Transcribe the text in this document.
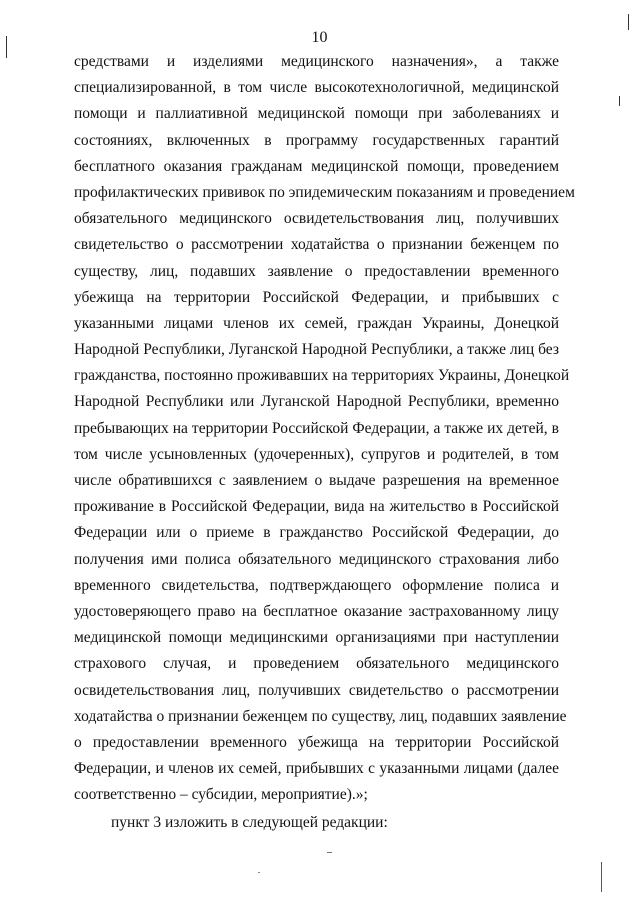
10
средствами и изделиями медицинского назначения», а также
специализированной, в том числе высокотехнологичной, медицинской
помощи и паллиативной медицинской помощи при заболеваниях и
состояниях, включенных в программу государственных гарантий
бесплатного оказания гражданам медицинской помощи, проведением
профилактических прививок по эпидемическим показаниям и проведением
обязательного медицинского освидетельствования лиц, получивших
свидетельство о рассмотрении ходатайства о признании беженцем по
существу, лиц, подавших заявление о предоставлении временного
убежища на территории Российской Федерации, и прибывших с
указанными лицами членов их семей, граждан Украины, Донецкой
Народной Республики, Луганской Народной Республики, а также лиц без
гражданства, постоянно проживавших на территориях Украины, Донецкой
Народной Республики или Луганской Народной Республики, временно
пребывающих на территории Российской Федерации, а также их детей, в
том числе усыновленных (удочеренных), супругов и родителей, в том
числе обратившихся с заявлением о выдаче разрешения на временное
проживание в Российской Федерации, вида на жительство в Российской
Федерации или о приеме в гражданство Российской Федерации, до
получения ими полиса обязательного медицинского страхования либо
временного свидетельства, подтверждающего оформление полиса и
удостоверяющего право на бесплатное оказание застрахованному лицу
медицинской помощи медицинскими организациями при наступлении
страхового случая, и проведением обязательного медицинского
освидетельствования лиц, получивших свидетельство о рассмотрении
ходатайства о признании беженцем по существу, лиц, подавших заявление
о предоставлении временного убежища на территории Российской
Федерации, и членов их семей, прибывших с указанными лицами (далее
соответственно – субсидии, мероприятие).»;
пункт 3 изложить в следующей редакции:
